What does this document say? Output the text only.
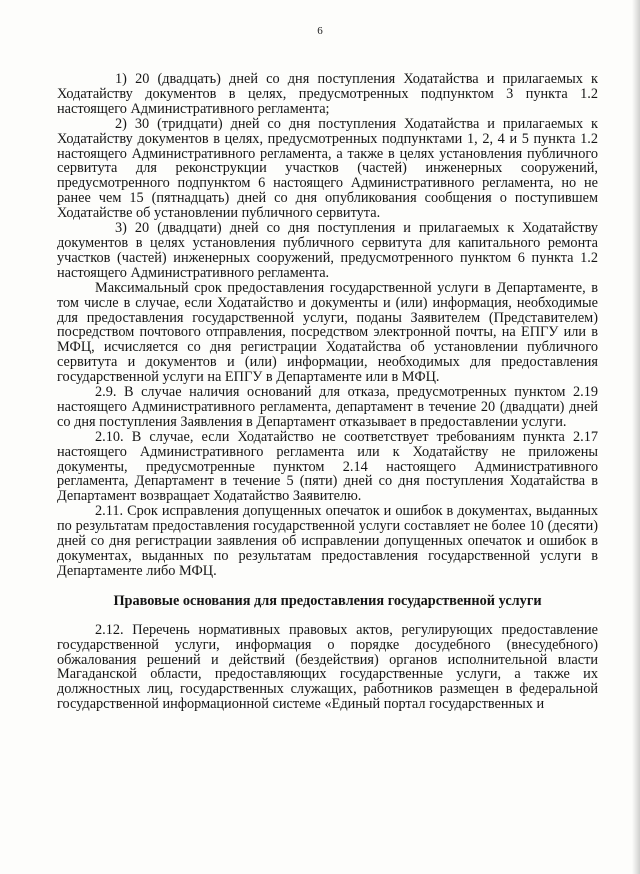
6

1) 20 (двадцать) дней со дня поступления Ходатайства и прилагаемых к Ходатайству документов в целях, предусмотренных подпунктом 3 пункта 1.2 настоящего Административного регламента;

2) 30 (тридцати) дней со дня поступления Ходатайства и прилагаемых к Ходатайству документов в целях, предусмотренных подпунктами 1, 2, 4 и 5 пункта 1.2 настоящего Административного регламента, а также в целях установления публичного сервитута для реконструкции участков (частей) инженерных сооружений, предусмотренного подпунктом 6 настоящего Административного регламента, но не ранее чем 15 (пятнадцать) дней со дня опубликования сообщения о поступившем Ходатайстве об установлении публичного сервитута.

3) 20 (двадцати) дней со дня поступления и прилагаемых к Ходатайству документов в целях установления публичного сервитута для капитального ремонта участков (частей) инженерных сооружений, предусмотренного пунктом 6 пункта 1.2 настоящего Административного регламента.

Максимальный срок предоставления государственной услуги в Департаменте, в том числе в случае, если Ходатайство и документы и (или) информация, необходимые для предоставления государственной услуги, поданы Заявителем (Представителем) посредством почтового отправления, посредством электронной почты, на ЕПГУ или в МФЦ, исчисляется со дня регистрации Ходатайства об установлении публичного сервитута и документов и (или) информации, необходимых для предоставления государственной услуги на ЕПГУ в Департаменте или в МФЦ.

2.9. В случае наличия оснований для отказа, предусмотренных пунктом 2.19 настоящего Административного регламента, департамент в течение 20 (двадцати) дней со дня поступления Заявления в Департамент отказывает в предоставлении услуги.

2.10. В случае, если Ходатайство не соответствует требованиям пункта 2.17 настоящего Административного регламента или к Ходатайству не приложены документы, предусмотренные пунктом 2.14 настоящего Административного регламента, Департамент в течение 5 (пяти) дней со дня поступления Ходатайства в Департамент возвращает Ходатайство Заявителю.

2.11. Срок исправления допущенных опечаток и ошибок в документах, выданных по результатам предоставления государственной услуги составляет не более 10 (десяти) дней со дня регистрации заявления об исправлении допущенных опечаток и ошибок в документах, выданных по результатам предоставления государственной услуги в Департаменте либо МФЦ.

Правовые основания для предоставления государственной услуги

2.12. Перечень нормативных правовых актов, регулирующих предоставление государственной услуги, информация о порядке досудебного (внесудебного) обжалования решений и действий (бездействия) органов исполнительной власти Магаданской области, предоставляющих государственные услуги, а также их должностных лиц, государственных служащих, работников размещен в федеральной государственной информационной системе «Единый портал государственных и
